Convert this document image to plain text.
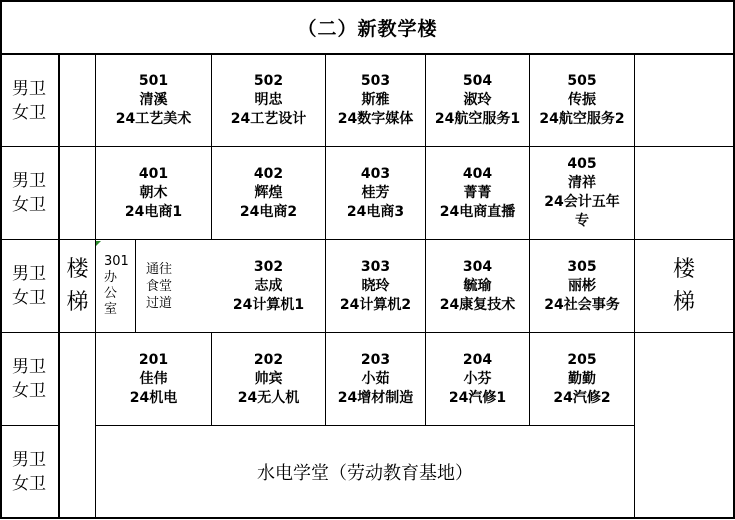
（二）新教学楼
男卫
女卫
男卫
女卫
男卫
女卫
男卫
女卫
男卫
女卫
楼
梯
楼
梯
501
清溪
24工艺美术
502
明忠
24工艺设计
503
斯雅
24数字媒体
504
淑玲
24航空服务1
505
传振
24航空服务2
401
朝木
24电商1
402
辉煌
24电商2
403
桂芳
24电商3
404
菁菁
24电商直播
405
清祥
24会计五年
专
301
办
公
室
通往
食堂
过道
302
志成
24计算机1
303
晓玲
24计算机2
304
毓瑜
24康复技术
305
丽彬
24社会事务
201
佳伟
24机电
202
帅宾
24无人机
203
小茹
24增材制造
204
小芬
24汽修1
205
勤勤
24汽修2
水电学堂（劳动教育基地）
